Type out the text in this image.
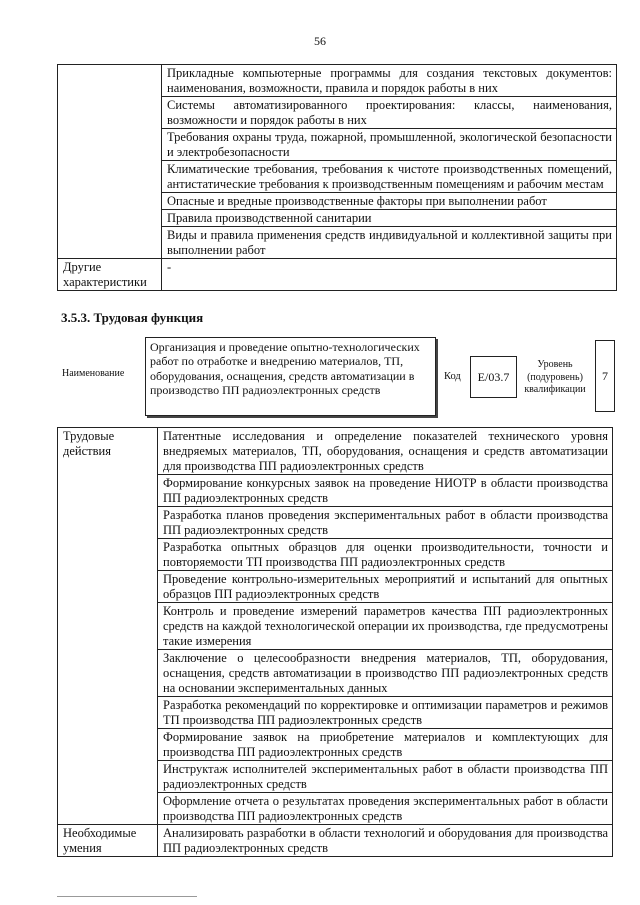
56
	Прикладные компьютерные программы для создания текстовых документов: наименования, возможности, правила и порядок работы в них
	Системы автоматизированного проектирования: классы, наименования, возможности и порядок работы в них
	Требования охраны труда, пожарной, промышленной, экологической безопасности и электробезопасности
	Климатические требования, требования к чистоте производственных помещений, антистатические требования к производственным помещениям и рабочим местам
	Опасные и вредные производственные факторы при выполнении работ
	Правила производственной санитарии
	Виды и правила применения средств индивидуальной и коллективной защиты при выполнении работ
Другие характеристики	-
3.5.3. Трудовая функция
Наименование
Организация и проведение опытно-технологических работ по отработке и внедрению материалов, ТП, оборудования, оснащения, средств автоматизации в производство ПП радиоэлектронных средств
Код	E/03.7
Уровень (подуровень) квалификации
7
Трудовые действия	Патентные исследования и определение показателей технического уровня внедряемых материалов, ТП, оборудования, оснащения и средств автоматизации для производства ПП радиоэлектронных средств
	Формирование конкурсных заявок на проведение НИОТР в области производства ПП радиоэлектронных средств
	Разработка планов проведения экспериментальных работ в области производства ПП радиоэлектронных средств
	Разработка опытных образцов для оценки производительности, точности и повторяемости ТП производства ПП радиоэлектронных средств
	Проведение контрольно-измерительных мероприятий и испытаний для опытных образцов ПП радиоэлектронных средств
	Контроль и проведение измерений параметров качества ПП радиоэлектронных средств на каждой технологической операции их производства, где предусмотрены такие измерения
	Заключение о целесообразности внедрения материалов, ТП, оборудования, оснащения, средств автоматизации в производство ПП радиоэлектронных средств на основании экспериментальных данных
	Разработка рекомендаций по корректировке и оптимизации параметров и режимов ТП производства ПП радиоэлектронных средств
	Формирование заявок на приобретение материалов и комплектующих для производства ПП радиоэлектронных средств
	Инструктаж исполнителей экспериментальных работ в области производства ПП радиоэлектронных средств
	Оформление отчета о результатах проведения экспериментальных работ в области производства ПП радиоэлектронных средств
Необходимые умения	Анализировать разработки в области технологий и оборудования для производства ПП радиоэлектронных средств
